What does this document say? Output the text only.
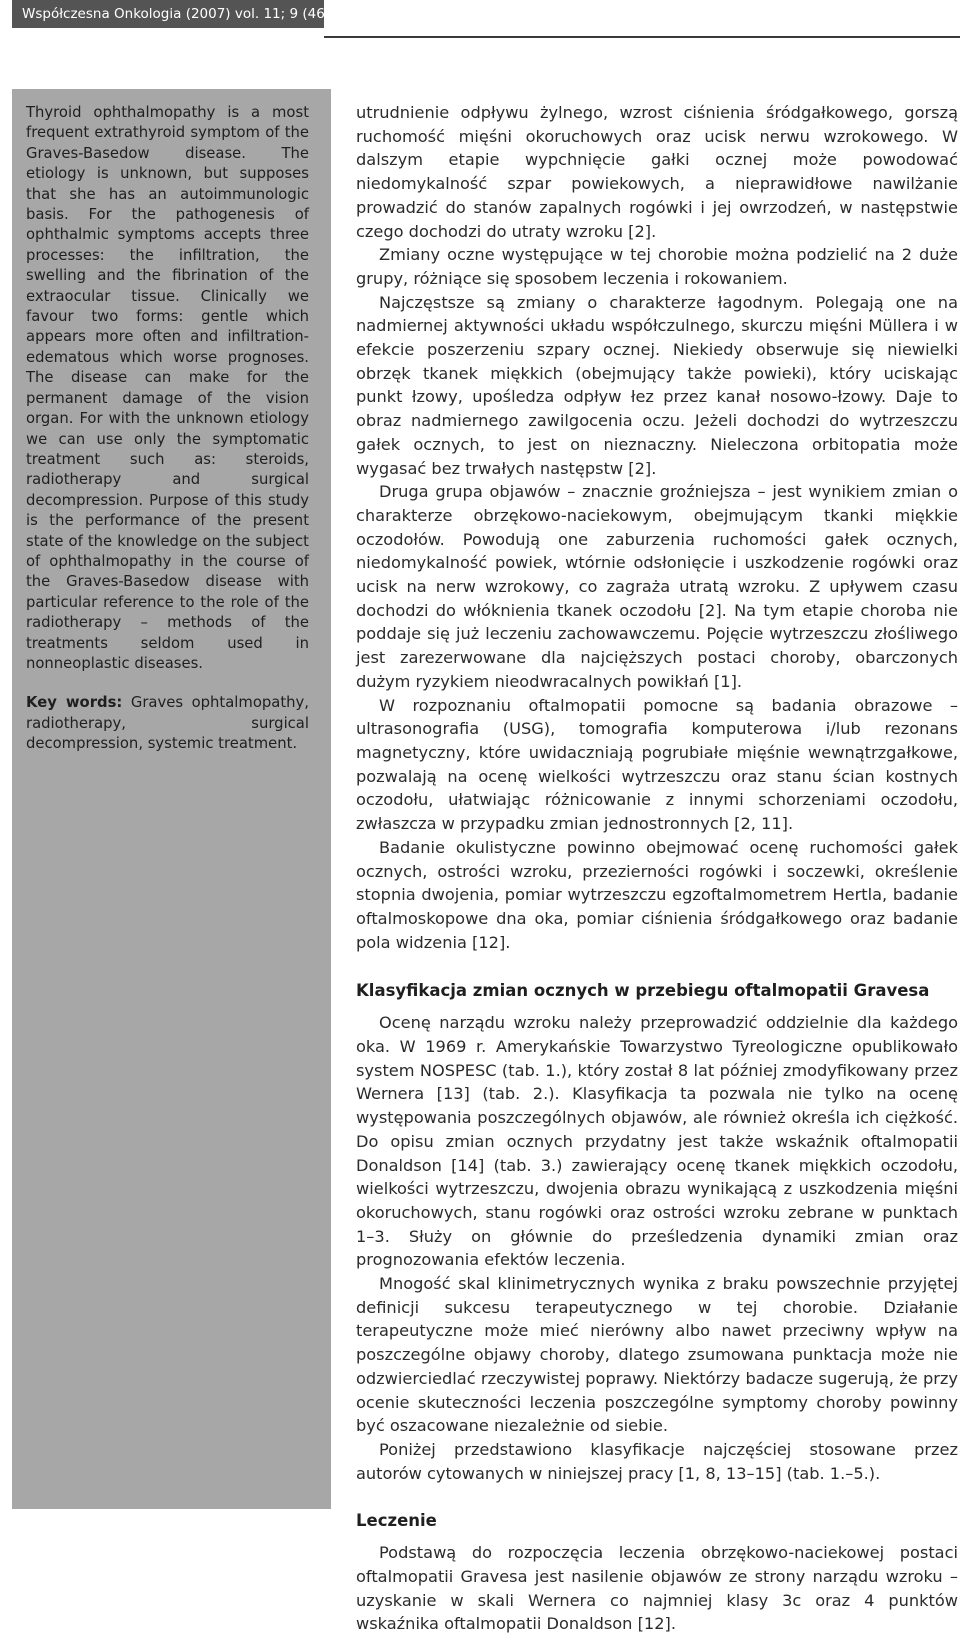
Współczesna Onkologia (2007) vol. 11; 9 (463–468)

Thyroid ophthalmopathy is a most frequent extrathyroid symptom of the Graves-Basedow disease. The etiology is unknown, but supposes that she has an autoimmunologic basis. For the pathogenesis of ophthalmic symptoms accepts three processes: the infiltration, the swelling and the fibrination of the extraocular tissue. Clinically we favour two forms: gentle which appears more often and infiltration-edematous which worse prognoses. The disease can make for the permanent damage of the vision organ. For with the unknown etiology we can use only the symptomatic treatment such as: steroids, radiotherapy and surgical decompression. Purpose of this study is the performance of the present state of the knowledge on the subject of ophthalmopathy in the course of the Graves-Basedow disease with particular reference to the role of the radiotherapy – methods of the treatments seldom used in nonneoplastic diseases.

Key words: Graves ophtalmopathy, radiotherapy, surgical decompression, systemic treatment.

utrudnienie odpływu żylnego, wzrost ciśnienia śródgałkowego, gorszą ruchomość mięśni okoruchowych oraz ucisk nerwu wzrokowego. W dalszym etapie wypchnięcie gałki ocznej może powodować niedomykalność szpar powiekowych, a nieprawidłowe nawilżanie prowadzić do stanów zapalnych rogówki i jej owrzodzeń, w następstwie czego dochodzi do utraty wzroku [2].

Zmiany oczne występujące w tej chorobie można podzielić na 2 duże grupy, różniące się sposobem leczenia i rokowaniem.

Najczęstsze są zmiany o charakterze łagodnym. Polegają one na nadmiernej aktywności układu współczulnego, skurczu mięśni Müllera i w efekcie poszerzeniu szpary ocznej. Niekiedy obserwuje się niewielki obrzęk tkanek miękkich (obejmujący także powieki), który uciskając punkt łzowy, upośledza odpływ łez przez kanał nosowo-łzowy. Daje to obraz nadmiernego zawilgocenia oczu. Jeżeli dochodzi do wytrzeszczu gałek ocznych, to jest on nieznaczny. Nieleczona orbitopatia może wygasać bez trwałych następstw [2].

Druga grupa objawów – znacznie groźniejsza – jest wynikiem zmian o charakterze obrzękowo-naciekowym, obejmującym tkanki miękkie oczodołów. Powodują one zaburzenia ruchomości gałek ocznych, niedomykalność powiek, wtórnie odsłonięcie i uszkodzenie rogówki oraz ucisk na nerw wzrokowy, co zagraża utratą wzroku. Z upływem czasu dochodzi do włóknienia tkanek oczodołu [2]. Na tym etapie choroba nie poddaje się już leczeniu zachowawczemu. Pojęcie wytrzeszczu złośliwego jest zarezerwowane dla najcięższych postaci choroby, obarczonych dużym ryzykiem nieodwracalnych powikłań [1].

W rozpoznaniu oftalmopatii pomocne są badania obrazowe – ultrasonografia (USG), tomografia komputerowa i/lub rezonans magnetyczny, które uwidaczniają pogrubiałe mięśnie wewnątrzgałkowe, pozwalają na ocenę wielkości wytrzeszczu oraz stanu ścian kostnych oczodołu, ułatwiając różnicowanie z innymi schorzeniami oczodołu, zwłaszcza w przypadku zmian jednostronnych [2, 11].

Badanie okulistyczne powinno obejmować ocenę ruchomości gałek ocznych, ostrości wzroku, przezierności rogówki i soczewki, określenie stopnia dwojenia, pomiar wytrzeszczu egzoftalmometrem Hertla, badanie oftalmoskopowe dna oka, pomiar ciśnienia śródgałkowego oraz badanie pola widzenia [12].

Klasyfikacja zmian ocznych w przebiegu oftalmopatii Gravesa

Ocenę narządu wzroku należy przeprowadzić oddzielnie dla każdego oka. W 1969 r. Amerykańskie Towarzystwo Tyreologiczne opublikowało system NOSPESC (tab. 1.), który został 8 lat później zmodyfikowany przez Wernera [13] (tab. 2.). Klasyfikacja ta pozwala nie tylko na ocenę występowania poszczególnych objawów, ale również określa ich ciężkość. Do opisu zmian ocznych przydatny jest także wskaźnik oftalmopatii Donaldson [14] (tab. 3.) zawierający ocenę tkanek miękkich oczodołu, wielkości wytrzeszczu, dwojenia obrazu wynikającą z uszkodzenia mięśni okoruchowych, stanu rogówki oraz ostrości wzroku zebrane w punktach 1–3. Służy on głównie do prześledzenia dynamiki zmian oraz prognozowania efektów leczenia.

Mnogość skal klinimetrycznych wynika z braku powszechnie przyjętej definicji sukcesu terapeutycznego w tej chorobie. Działanie terapeutyczne może mieć nierówny albo nawet przeciwny wpływ na poszczególne objawy choroby, dlatego zsumowana punktacja może nie odzwierciedlać rzeczywistej poprawy. Niektórzy badacze sugerują, że przy ocenie skuteczności leczenia poszczególne symptomy choroby powinny być oszacowane niezależnie od siebie.

Poniżej przedstawiono klasyfikacje najczęściej stosowane przez autorów cytowanych w niniejszej pracy [1, 8, 13–15] (tab. 1.–5.).

Leczenie

Podstawą do rozpoczęcia leczenia obrzękowo-naciekowej postaci oftalmopatii Gravesa jest nasilenie objawów ze strony narządu wzroku – uzyskanie w skali Wernera co najmniej klasy 3c oraz 4 punktów wskaźnika oftalmopatii Donaldson [12].
